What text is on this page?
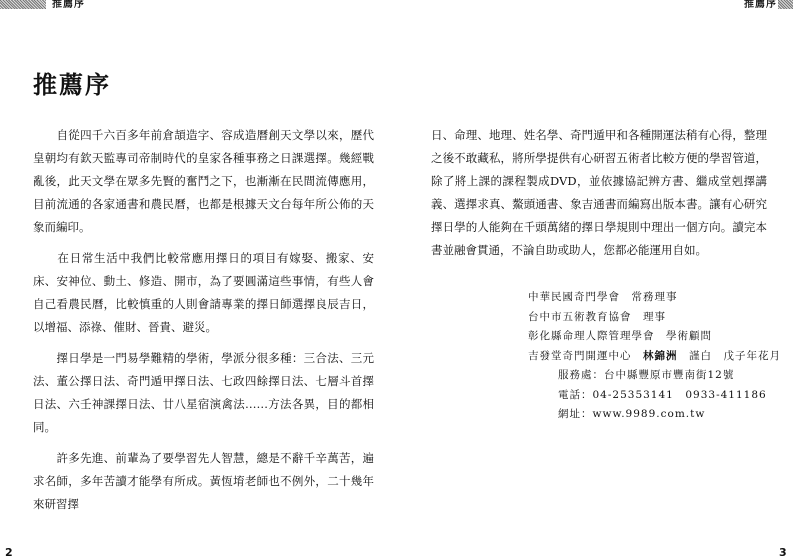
推薦序	推薦序
推薦序

　　自從四千六百多年前倉頡造字、容成造曆創天文學以來，歷代皇朝均有欽天監專司帝制時代的皇家各種事務之日課選擇。幾經戰亂後，此天文學在眾多先賢的奮鬥之下，也漸漸在民間流傳應用，目前流通的各家通書和農民曆，也都是根據天文台每年所公佈的天象而編印。

　　在日常生活中我們比較常應用擇日的項目有嫁娶、搬家、安床、安神位、動土、修造、開市，為了要圓滿這些事情，有些人會自己看農民曆，比較慎重的人則會請專業的擇日師選擇良辰吉日，以增福、添祿、催財、晉貴、避災。

　　擇日學是一門易學難精的學術，學派分很多種：三合法、三元法、董公擇日法、奇門遁甲擇日法、七政四餘擇日法、七層斗首擇日法、六壬神課擇日法、廿八星宿演禽法……方法各異，目的都相同。

　　許多先進、前輩為了要學習先人智慧，總是不辭千辛萬苦，遍求名師，多年苦讀才能學有所成。黃恆堉老師也不例外，二十幾年來研習擇

日、命理、地理、姓名學、奇門遁甲和各種開運法稍有心得，整理之後不敢藏私，將所學提供有心研習五術者比較方便的學習管道，除了將上課的課程製成DVD，並依據協記辨方書、繼成堂剋擇講義、選擇求真、鰲頭通書、象吉通書而編寫出版本書。讓有心研究擇日學的人能夠在千頭萬緒的擇日學規則中理出一個方向。讀完本書並融會貫通，不論自助或助人，您都必能運用自如。

中華民國奇門學會　常務理事
台中市五術教育協會　理事
彰化縣命理人際管理學會　學術顧問
吉發堂奇門開運中心　林錦洲　謹白　戊子年花月
服務處：台中縣豐原市豐南街12號
電話：04-25353141　0933-411186
網址：www.9989.com.tw
2	3
